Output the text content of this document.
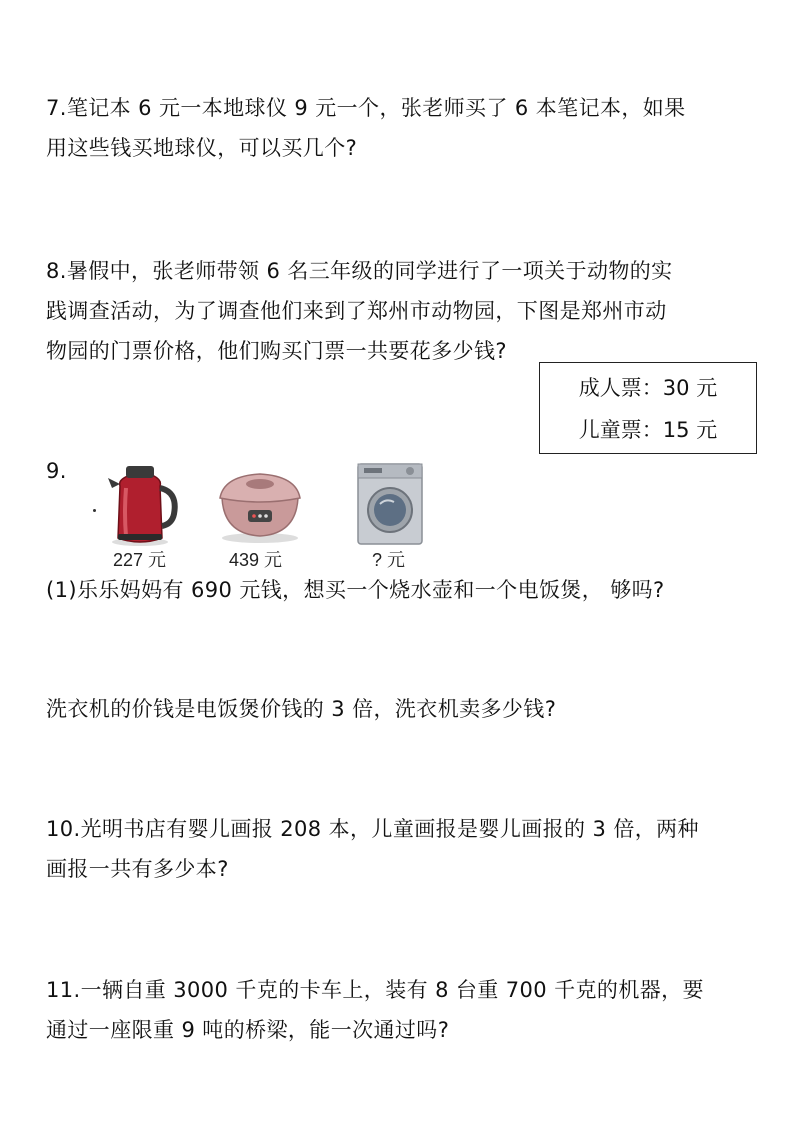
7.笔记本 6 元一本地球仪 9 元一个，张老师买了 6 本笔记本，如果
用这些钱买地球仪，可以买几个?
8.暑假中，张老师带领 6 名三年级的同学进行了一项关于动物的实
践调查活动，为了调查他们来到了郑州市动物园，下图是郑州市动
物园的门票价格，他们购买门票一共要花多少钱?
成人票：30 元
儿童票：15 元
9.
227 元	439 元	? 元
(1)乐乐妈妈有 690 元钱，想买一个烧水壶和一个电饭煲， 够吗?
洗衣机的价钱是电饭煲价钱的 3 倍，洗衣机卖多少钱?
10.光明书店有婴儿画报 208 本，儿童画报是婴儿画报的 3 倍，两种
画报一共有多少本?
11.一辆自重 3000 千克的卡车上，装有 8 台重 700 千克的机器，要
通过一座限重 9 吨的桥梁，能一次通过吗?
